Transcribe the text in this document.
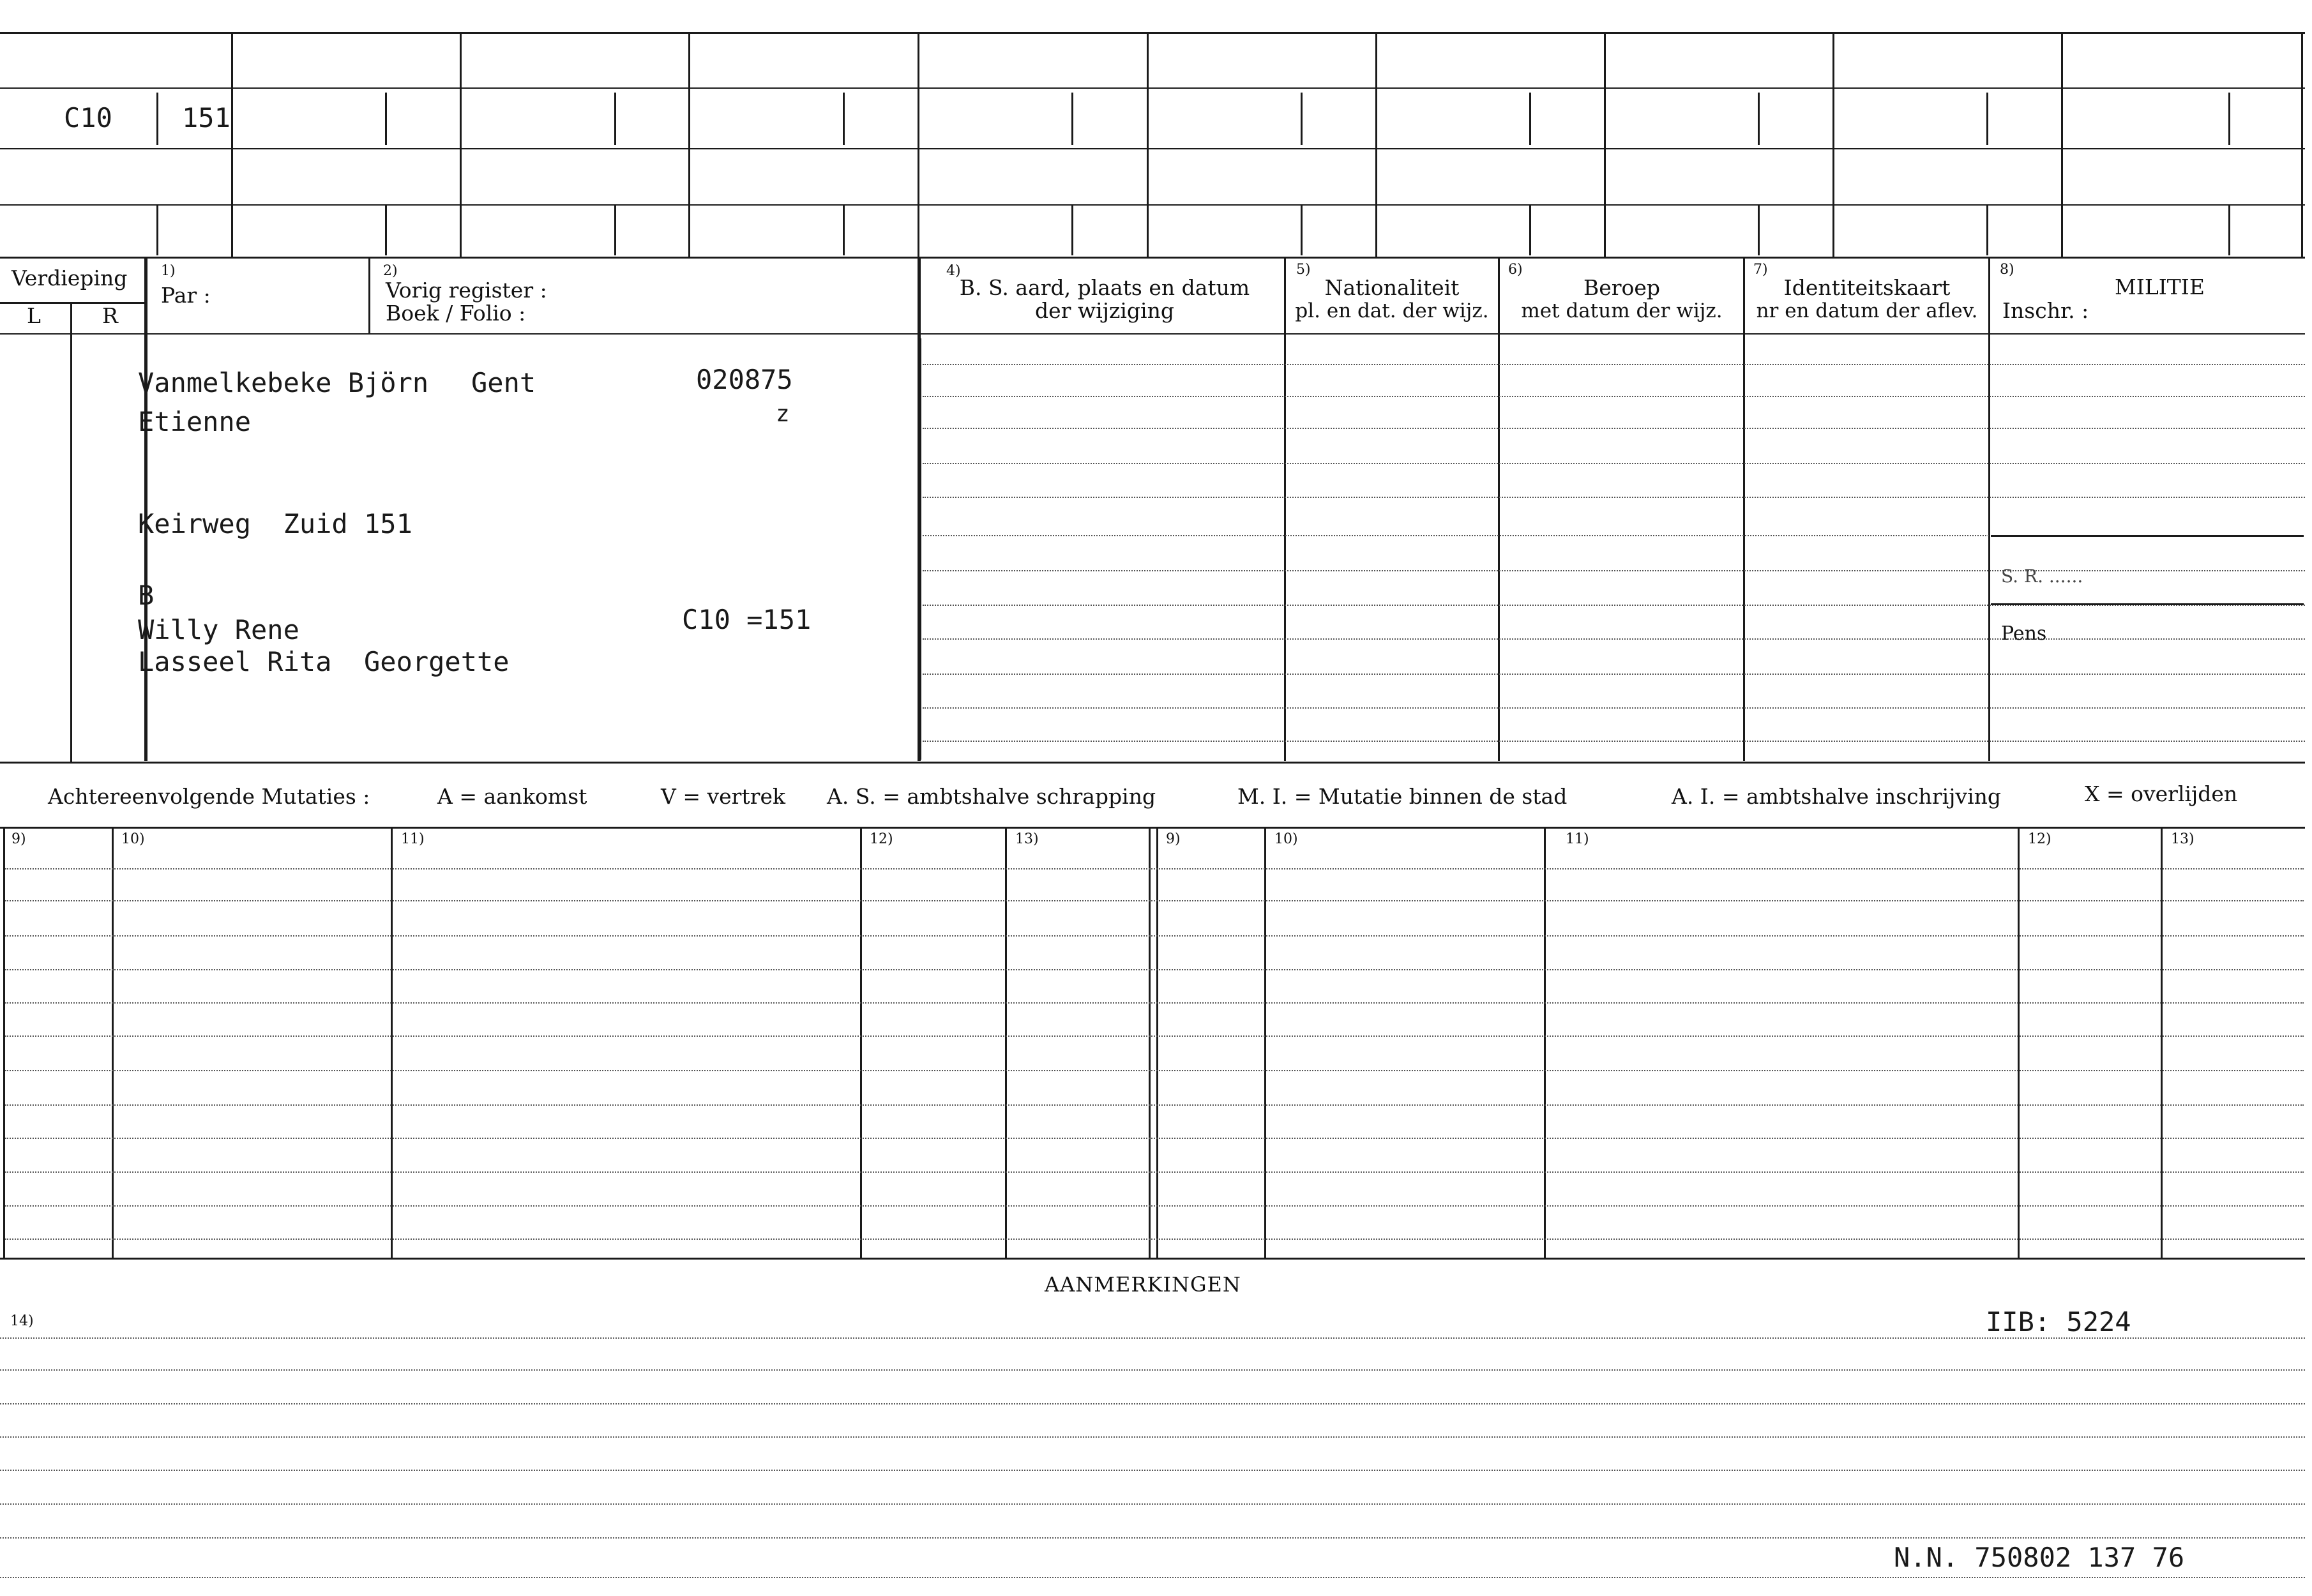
C10	151
Verdieping
L	R
1)
Par :
2)
Vorig register :
Boek / Folio :
4)
B. S. aard, plaats en datum
der wijziging
5)
Nationaliteit
pl. en dat. der wijz.
6)
Beroep
met datum der wijz.
7)
Identiteitskaart
nr en datum der aflev.
8)
MILITIE
Inschr. :
Vanmelkebeke Björn Gent	020875
z
Etienne
Keirweg  Zuid 151
B
Willy Rene	C10 =151
Lasseel Rita  Georgette
S. R. ......
Pens
Achtereenvolgende Mutaties :	A = aankomst	V = vertrek A. S. = ambtshalve schrapping	M. I. = Mutatie binnen de stad	A. I. = ambtshalve inschrijving	X = overlijden
9)	10)	11)	12)	13)	9)	10)	11)	12)	13)
AANMERKINGEN
14)	IIB: 5224
N.N. 750802 137 76
